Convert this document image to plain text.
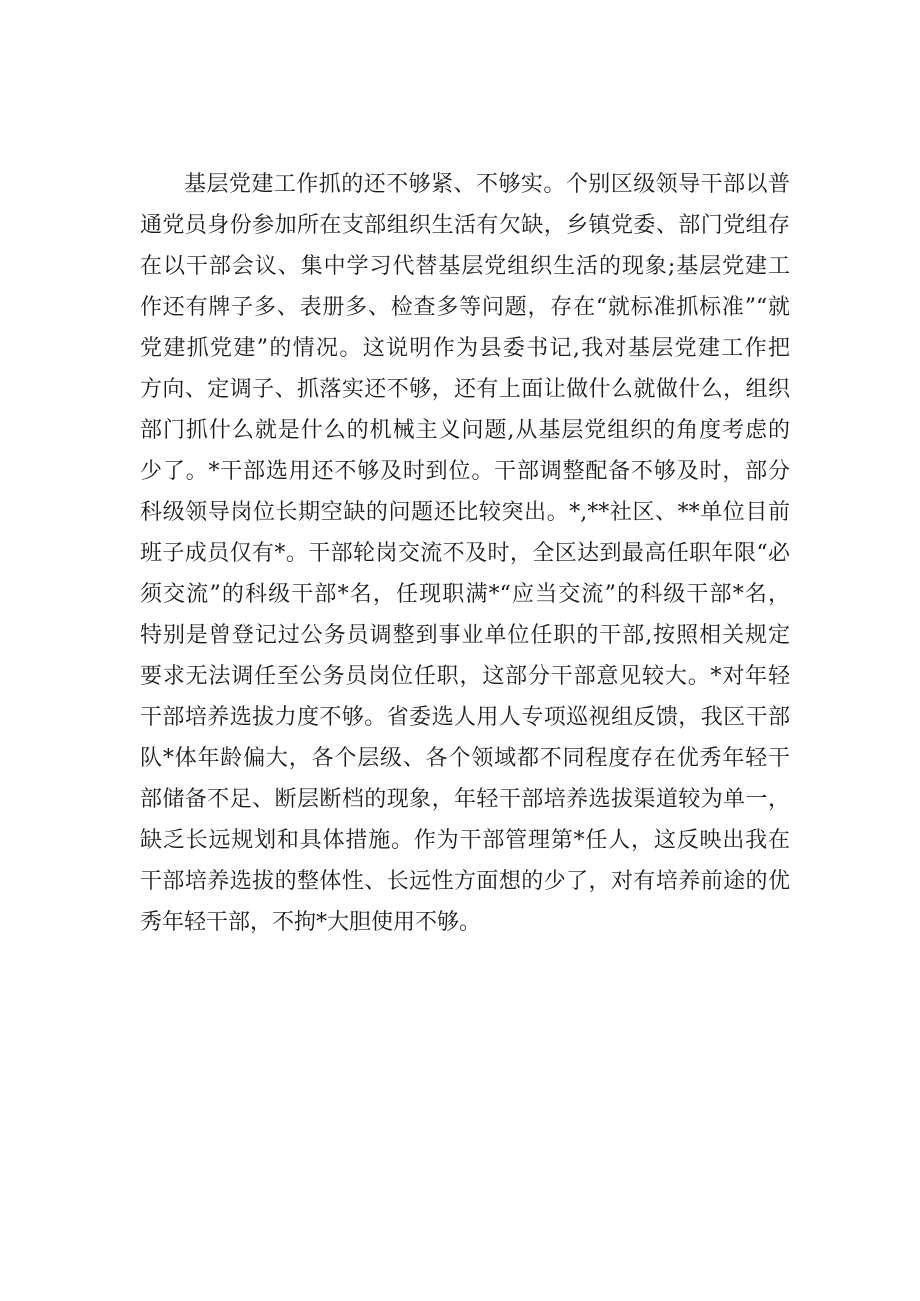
基层党建工作抓的还不够紧、不够实。个别区级领导干部以普
通党员身份参加所在支部组织生活有欠缺，乡镇党委、部门党组存
在以干部会议、集中学习代替基层党组织生活的现象;基层党建工
作还有牌子多、表册多、检查多等问题，存在“就标准抓标准”“就
党建抓党建”的情况。这说明作为县委书记,我对基层党建工作把
方向、定调子、抓落实还不够，还有上面让做什么就做什么，组织
部门抓什么就是什么的机械主义问题,从基层党组织的角度考虑的
少了。*干部选用还不够及时到位。干部调整配备不够及时，部分
科级领导岗位长期空缺的问题还比较突出。*,**社区、**单位目前
班子成员仅有*。干部轮岗交流不及时，全区达到最高任职年限“必
须交流”的科级干部*名，任现职满*“应当交流”的科级干部*名，
特别是曾登记过公务员调整到事业单位任职的干部,按照相关规定
要求无法调任至公务员岗位任职，这部分干部意见较大。*对年轻
干部培养选拔力度不够。省委选人用人专项巡视组反馈，我区干部
队*体年龄偏大，各个层级、各个领域都不同程度存在优秀年轻干
部储备不足、断层断档的现象，年轻干部培养选拔渠道较为单一，
缺乏长远规划和具体措施。作为干部管理第*任人，这反映出我在
干部培养选拔的整体性、长远性方面想的少了，对有培养前途的优
秀年轻干部，不拘*大胆使用不够。
